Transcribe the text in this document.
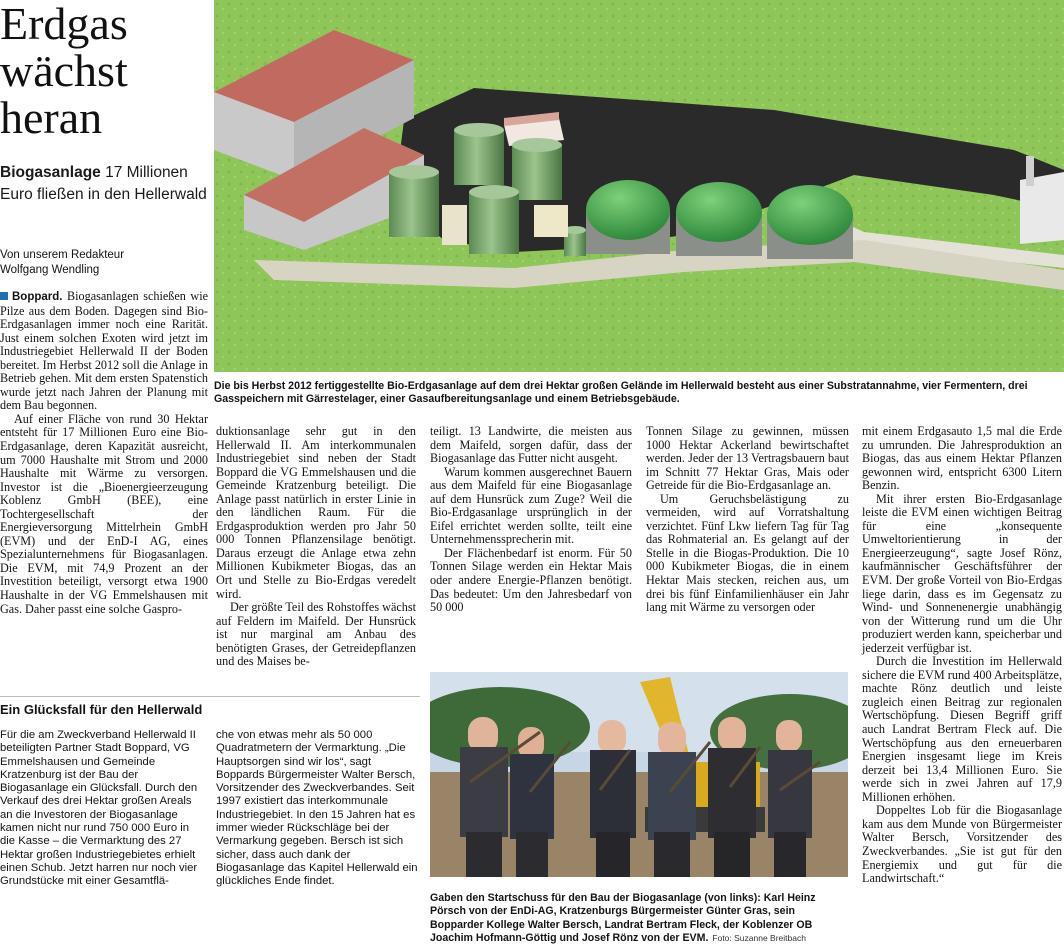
Erdgas
wächst
heran
Biogasanlage 17 Millionen Euro fließen in den Hellerwald
Von unserem Redakteur
Wolfgang Wendling

Boppard. Biogasanlagen schießen wie Pilze aus dem Boden. Dagegen sind Bio-Erdgasanlagen immer noch eine Rarität. Just einem solchen Exoten wird jetzt im Industriegebiet Hellerwald II der Boden bereitet. Im Herbst 2012 soll die Anlage in Betrieb gehen. Mit dem ersten Spatenstich wurde jetzt nach Jahren der Planung mit dem Bau begonnen.

Auf einer Fläche von rund 30 Hektar entsteht für 17 Millionen Euro eine Bio-Erdgasanlage, deren Kapazität ausreicht, um 7000 Haushalte mit Strom und 2000 Haushalte mit Wärme zu versorgen. Investor ist die „Bioenergieerzeugung Koblenz GmbH (BEE), eine Tochtergesellschaft der Energieversorgung Mittelrhein GmbH (EVM) und der EnD-I AG, eines Spezialunternehmens für Biogasanlagen. Die EVM, mit 74,9 Prozent an der Investition beteiligt, versorgt etwa 1900 Haushalte in der VG Emmelshausen mit Gas. Daher passt eine solche Gaspro-

Die bis Herbst 2012 fertiggestellte Bio-Erdgasanlage auf dem drei Hektar großen Gelände im Hellerwald besteht aus einer Substratannahme, vier Fermentern, drei Gasspeichern mit Gärrestelager, einer Gasaufbereitungsanlage und einem Betriebsgebäude.

duktionsanlage sehr gut in den Hellerwald II. Am interkommunalen Industriegebiet sind neben der Stadt Boppard die VG Emmelshausen und die Gemeinde Kratzenburg beteiligt. Die Anlage passt natürlich in erster Linie in den ländlichen Raum. Für die Erdgasproduktion werden pro Jahr 50 000 Tonnen Pflanzensilage benötigt. Daraus erzeugt die Anlage etwa zehn Millionen Kubikmeter Biogas, das an Ort und Stelle zu Bio-Erdgas veredelt wird.

Der größte Teil des Rohstoffes wächst auf Feldern im Maifeld. Der Hunsrück ist nur marginal am Anbau des benötigten Grases, der Getreidepflanzen und des Maises be-

teiligt. 13 Landwirte, die meisten aus dem Maifeld, sorgen dafür, dass der Biogasanlage das Futter nicht ausgeht.

Warum kommen ausgerechnet Bauern aus dem Maifeld für eine Biogasanlage auf dem Hunsrück zum Zuge? Weil die Bio-Erdgasanlage ursprünglich in der Eifel errichtet werden sollte, teilt eine Unternehmenssprecherin mit.

Der Flächenbedarf ist enorm. Für 50 Tonnen Silage werden ein Hektar Mais oder andere Energie-Pflanzen benötigt. Das bedeutet: Um den Jahresbedarf von 50 000

Tonnen Silage zu gewinnen, müssen 1000 Hektar Ackerland bewirtschaftet werden. Jeder der 13 Vertragsbauern baut im Schnitt 77 Hektar Gras, Mais oder Getreide für die Bio-Erdgasanlage an.

Um Geruchsbelästigung zu vermeiden, wird auf Vorratshaltung verzichtet. Fünf Lkw liefern Tag für Tag das Rohmaterial an. Es gelangt auf der Stelle in die Biogas-Produktion. Die 10 000 Kubikmeter Biogas, die in einem Hektar Mais stecken, reichen aus, um drei bis fünf Einfamilienhäuser ein Jahr lang mit Wärme zu versorgen oder

mit einem Erdgasauto 1,5 mal die Erde zu umrunden. Die Jahresproduktion an Biogas, das aus einem Hektar Pflanzen gewonnen wird, entspricht 6300 Litern Benzin.

Mit ihrer ersten Bio-Erdgasanlage leiste die EVM einen wichtigen Beitrag für eine „konsequente Umweltorientierung in der Energieerzeugung“, sagte Josef Rönz, kaufmännischer Geschäftsführer der EVM. Der große Vorteil von Bio-Erdgas liege darin, dass es im Gegensatz zu Wind- und Sonnenenergie unabhängig von der Witterung rund um die Uhr produziert werden kann, speicherbar und jederzeit verfügbar ist.

Durch die Investition im Hellerwald sichere die EVM rund 400 Arbeitsplätze, machte Rönz deutlich und leiste zugleich einen Beitrag zur regionalen Wertschöpfung. Diesen Begriff griff auch Landrat Bertram Fleck auf. Die Wertschöpfung aus den erneuerbaren Energien insgesamt liege im Kreis derzeit bei 13,4 Millionen Euro. Sie werde sich in zwei Jahren auf 17,9 Millionen erhöhen.

Doppeltes Lob für die Biogasanlage kam aus dem Munde von Bürgermeister Walter Bersch, Vorsitzender des Zweckverbandes. „Sie ist gut für den Energiemix und gut für die Landwirtschaft.“

Gaben den Startschuss für den Bau der Biogasanlage (von links): Karl Heinz Pörsch von der EnDi-AG, Kratzenburgs Bürgermeister Günter Gras, sein Bopparder Kollege Walter Bersch, Landrat Bertram Fleck, der Koblenzer OB Joachim Hofmann-Göttig und Josef Rönz von der EVM. Foto: Suzanne Breitbach

Ein Glücksfall für den Hellerwald

Für die am Zweckverband Hellerwald II beteiligten Partner Stadt Boppard, VG Emmelshausen und Gemeinde Kratzenburg ist der Bau der Biogasanlage ein Glücksfall. Durch den Verkauf des drei Hektar großen Areals an die Investoren der Biogasanlage kamen nicht nur rund 750 000 Euro in die Kasse – die Vermarktung des 27 Hektar großen Industriegebietes erhielt einen Schub. Jetzt harren nur noch vier Grundstücke mit einer Gesamtflä-

che von etwas mehr als 50 000 Quadratmetern der Vermarktung. „Die Hauptsorgen sind wir los“, sagt Boppards Bürgermeister Walter Bersch, Vorsitzender des Zweckverbandes. Seit 1997 existiert das interkommunale Industriegebiet. In den 15 Jahren hat es immer wieder Rückschläge bei der Vermarkung gegeben. Bersch ist sich sicher, dass auch dank der Biogasanlage das Kapitel Hellerwald ein glückliches Ende findet.
